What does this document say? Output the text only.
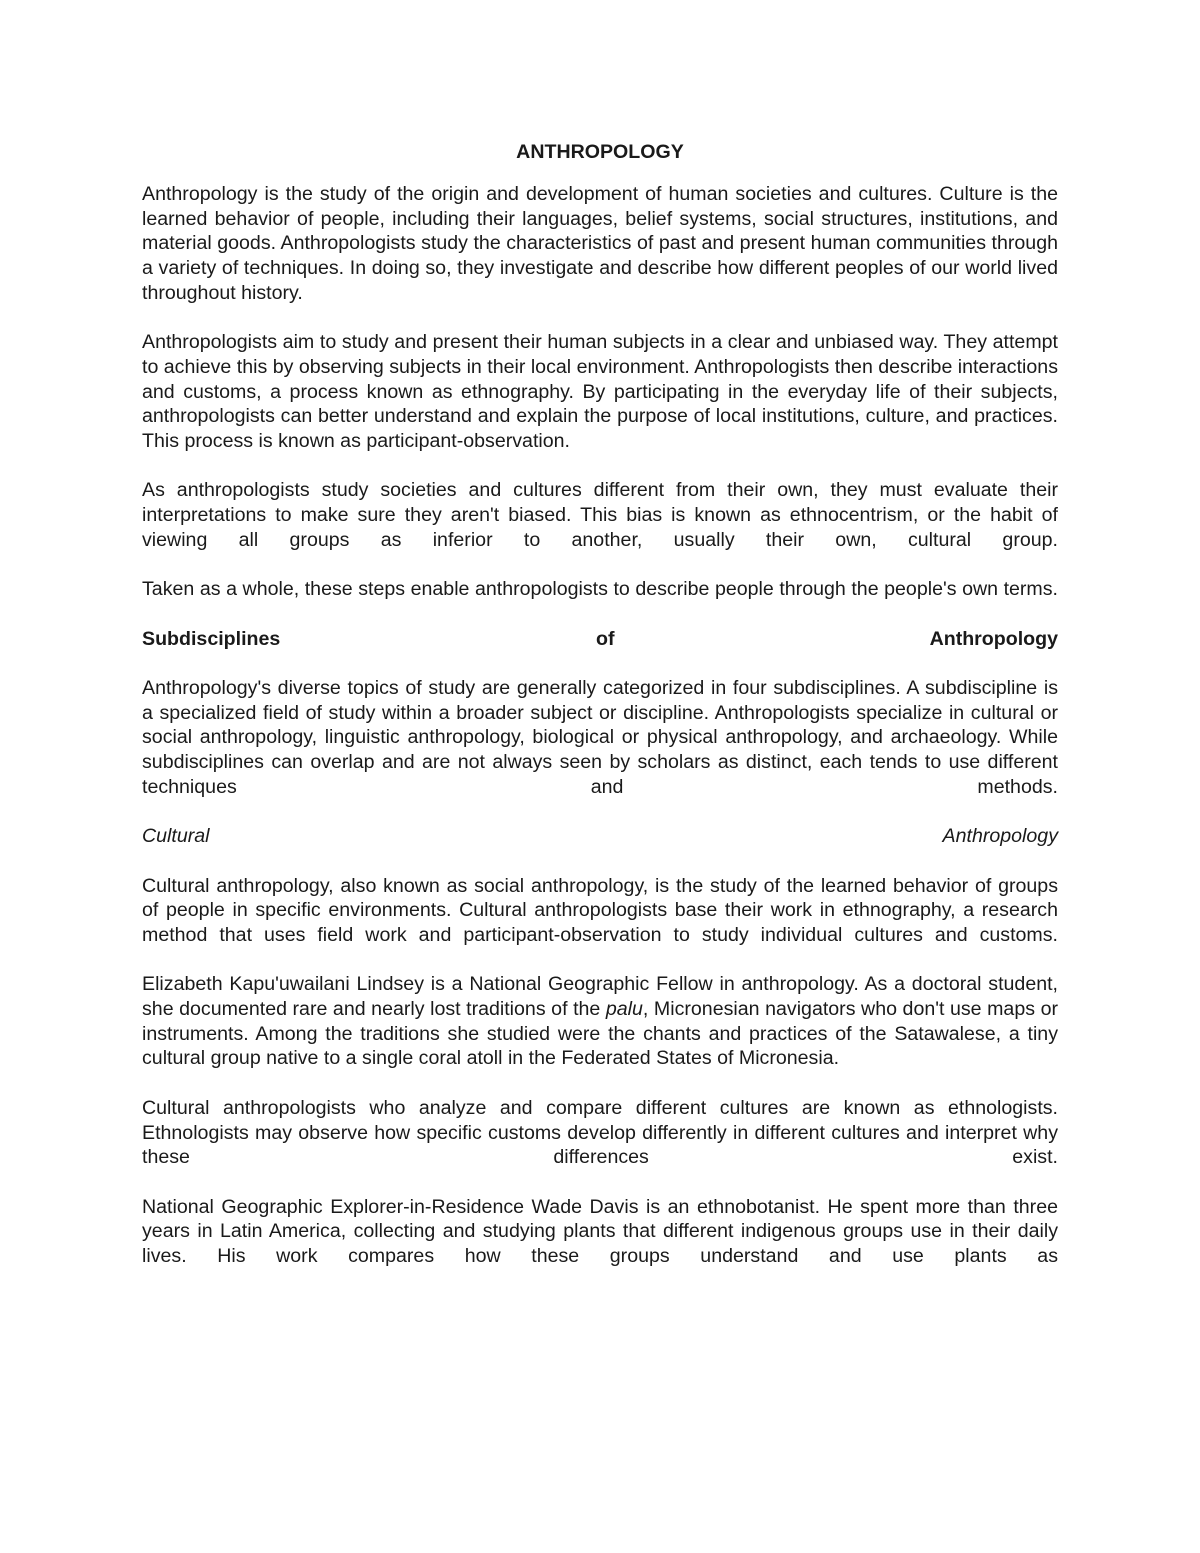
ANTHROPOLOGY

Anthropology is the study of the origin and development of human societies and cultures. Culture is the learned behavior of people, including their languages, belief systems, social structures, institutions, and material goods. Anthropologists study the characteristics of past and present human communities through a variety of techniques. In doing so, they investigate and describe how different peoples of our world lived throughout history.

Anthropologists aim to study and present their human subjects in a clear and unbiased way. They attempt to achieve this by observing subjects in their local environment. Anthropologists then describe interactions and customs, a process known as ethnography. By participating in the everyday life of their subjects, anthropologists can better understand and explain the purpose of local institutions, culture, and practices. This process is known as participant-observation.

As anthropologists study societies and cultures different from their own, they must evaluate their interpretations to make sure they aren't biased. This bias is known as ethnocentrism, or the habit of viewing all groups as inferior to another, usually their own, cultural group.

Taken as a whole, these steps enable anthropologists to describe people through the people's own terms.

Subdisciplines of Anthropology

Anthropology's diverse topics of study are generally categorized in four subdisciplines. A subdiscipline is a specialized field of study within a broader subject or discipline. Anthropologists specialize in cultural or social anthropology, linguistic anthropology, biological or physical anthropology, and archaeology. While subdisciplines can overlap and are not always seen by scholars as distinct, each tends to use different techniques and methods.

Cultural Anthropology

Cultural anthropology, also known as social anthropology, is the study of the learned behavior of groups of people in specific environments. Cultural anthropologists base their work in ethnography, a research method that uses field work and participant-observation to study individual cultures and customs.

Elizabeth Kapu'uwailani Lindsey is a National Geographic Fellow in anthropology. As a doctoral student, she documented rare and nearly lost traditions of the palu, Micronesian navigators who don't use maps or instruments. Among the traditions she studied were the chants and practices of the Satawalese, a tiny cultural group native to a single coral atoll in the Federated States of Micronesia.

Cultural anthropologists who analyze and compare different cultures are known as ethnologists. Ethnologists may observe how specific customs develop differently in different cultures and interpret why these differences exist.

National Geographic Explorer-in-Residence Wade Davis is an ethnobotanist. He spent more than three years in Latin America, collecting and studying plants that different indigenous groups use in their daily lives. His work compares how these groups understand and use plants as
